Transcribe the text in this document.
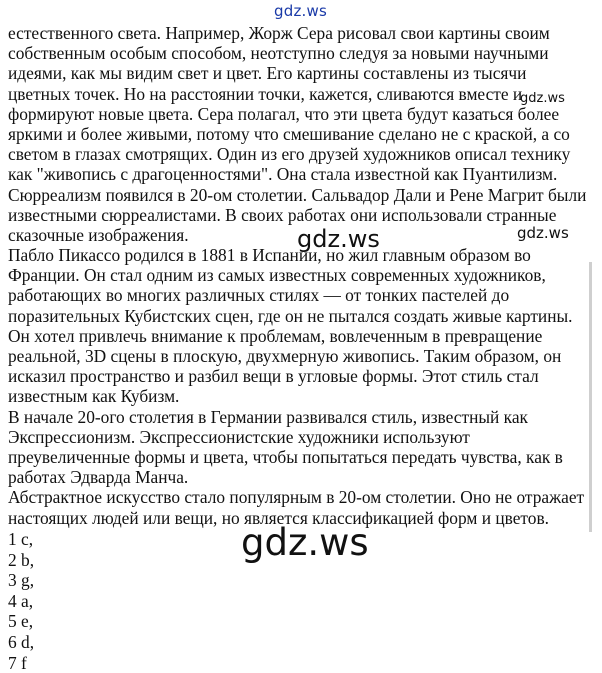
gdz.ws
естественного света. Например, Жорж Сера рисовал свои картины своим
собственным особым способом, неотступно следуя за новыми научными
идеями, как мы видим свет и цвет. Его картины составлены из тысячи
цветных точек. Но на расстоянии точки, кажется, сливаются вместе и
формируют новые цвета. Сера полагал, что эти цвета будут казаться более
яркими и более живыми, потому что смешивание сделано не с краской, а со
светом в глазах смотрящих. Один из его друзей художников описал технику
как "живопись с драгоценностями". Она стала известной как Пуантилизм.
Сюрреализм появился в 20-ом столетии. Сальвадор Дали и Рене Магрит были
известными сюрреалистами. В своих работах они использовали странные
сказочные изображения.
Пабло Пикассо родился в 1881 в Испании, но жил главным образом во
Франции. Он стал одним из самых известных современных художников,
работающих во многих различных стилях — от тонких пастелей до
поразительных Кубистских сцен, где он не пытался создать живые картины.
Он хотел привлечь внимание к проблемам, вовлеченным в превращение
реальной, 3D сцены в плоскую, двухмерную живопись. Таким образом, он
исказил пространство и разбил вещи в угловые формы. Этот стиль стал
известным как Кубизм.
В начале 20-ого столетия в Германии развивался стиль, известный как
Экспрессионизм. Экспрессионистские художники используют
преувеличенные формы и цвета, чтобы попытаться передать чувства, как в
работах Эдварда Манча.
Абстрактное искусство стало популярным в 20-ом столетии. Оно не отражает
настоящих людей или вещи, но является классификацией форм и цветов.
1 c,
2 b,
3 g,
4 a,
5 e,
6 d,
7 f
gdz.ws
gdz.ws	gdz.ws
gdz.ws
